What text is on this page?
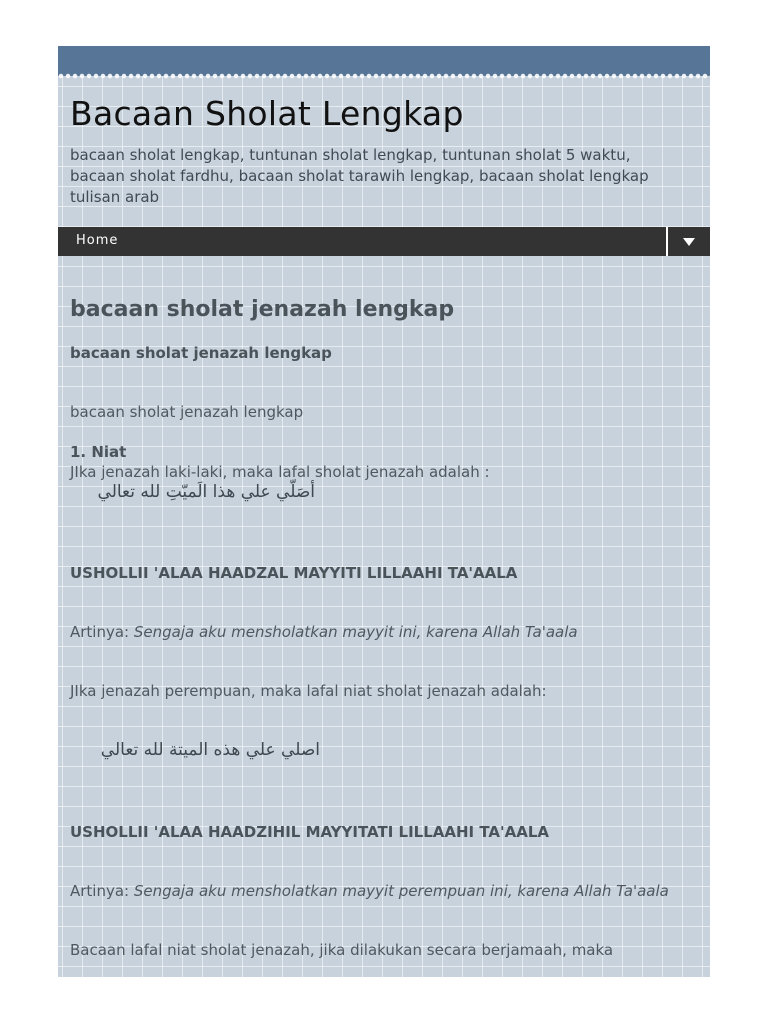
Bacaan Sholat Lengkap

bacaan sholat lengkap, tuntunan sholat lengkap, tuntunan sholat 5 waktu, bacaan sholat fardhu, bacaan sholat tarawih lengkap, bacaan sholat lengkap tulisan arab

Home
bacaan sholat jenazah lengkap

bacaan sholat jenazah lengkap

bacaan sholat jenazah lengkap

1. Niat

JIka jenazah laki-laki, maka lafal sholat jenazah adalah :

أصَلّي علي هذا الَميّتِ لله تعالي

USHOLLII 'ALAA HAADZAL MAYYITI LILLAAHI TA'AALA

Artinya: Sengaja aku mensholatkan mayyit ini, karena Allah Ta'aala

JIka jenazah perempuan, maka lafal niat sholat jenazah adalah:

اصلي علي هذه الميتة لله تعالي

USHOLLII 'ALAA HAADZIHIL MAYYITATI LILLAAHI TA'AALA

Artinya: Sengaja aku mensholatkan mayyit perempuan ini, karena Allah Ta'aala

Bacaan lafal niat sholat jenazah, jika dilakukan secara berjamaah, maka
